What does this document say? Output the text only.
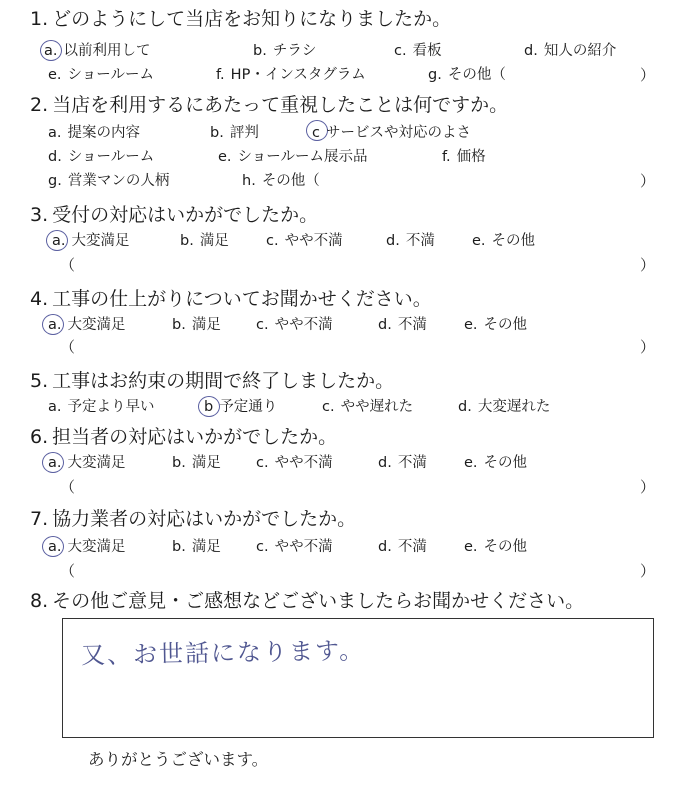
1. どのようにして当店をお知りになりましたか。
a. 以前利用して	b. チラシ	c. 看板	d. 知人の紹介
e. ショールーム	f. HP・インスタグラム	g. その他（	）
2. 当店を利用するにあたって重視したことは何ですか。
a. 提案の内容	b. 評判	c サービスや対応のよさ
d. ショールーム	e. ショールーム展示品	f. 価格
g. 営業マンの人柄	h. その他（	）
3. 受付の対応はいかがでしたか。
a. 大変満足	b. 満足	c. やや不満	d. 不満	e. その他
（	）
4. 工事の仕上がりについてお聞かせください。
a. 大変満足	b. 満足 c. やや不満	d. 不満	e. その他
（	）
5. 工事はお約束の期間で終了しましたか。
a. 予定より早い	b 予定通り	c. やや遅れた	d. 大変遅れた
6. 担当者の対応はいかがでしたか。
a. 大変満足	b. 満足 c. やや不満	d. 不満	e. その他
（	）
7. 協力業者の対応はいかがでしたか。
a. 大変満足	b. 満足 c. やや不満	d. 不満	e. その他
（	）
8. その他ご意見・ご感想などございましたらお聞かせください。
又、お世話になります。
ありがとうございます。
